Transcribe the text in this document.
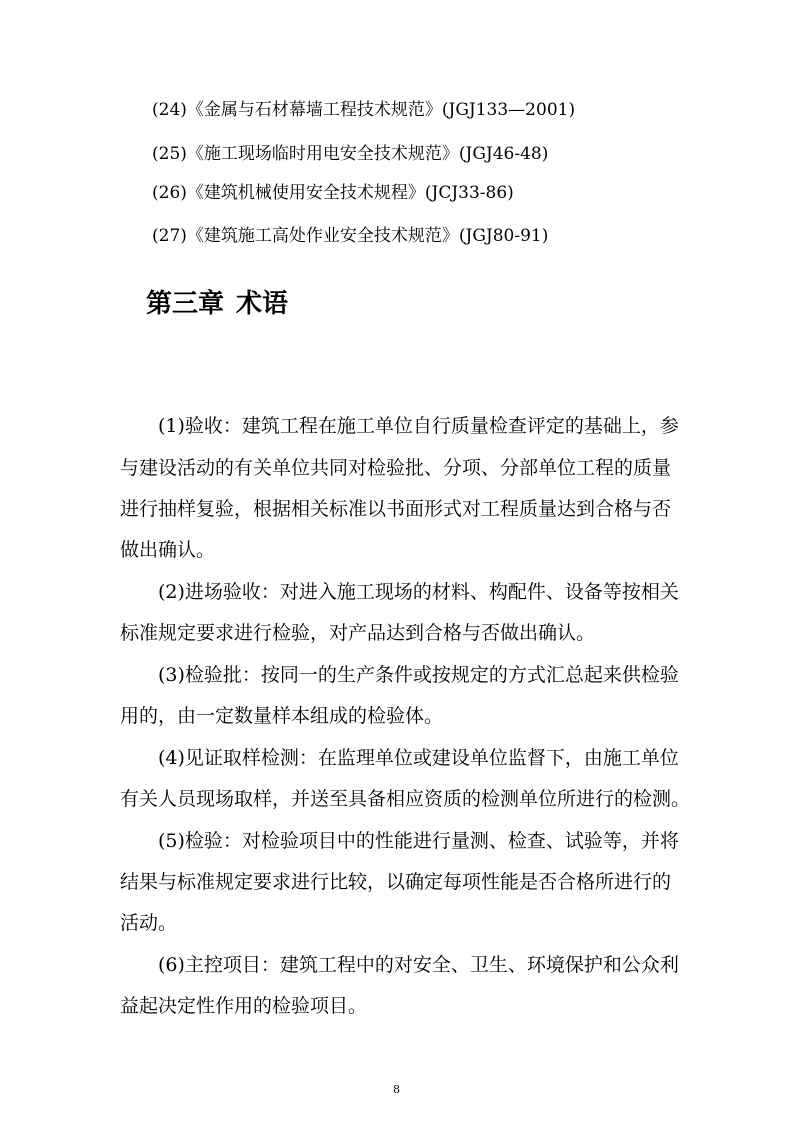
(24)《金属与石材幕墙工程技术规范》(JGJ133—2001)
(25)《施工现场临时用电安全技术规范》(JGJ46-48)
(26)《建筑机械使用安全技术规程》(JCJ33-86)
(27)《建筑施工高处作业安全技术规范》(JGJ80-91)
第三章 术语
(1)验收：建筑工程在施工单位自行质量检查评定的基础上，参
与建设活动的有关单位共同对检验批、分项、分部单位工程的质量
进行抽样复验，根据相关标准以书面形式对工程质量达到合格与否
做出确认。
(2)进场验收：对进入施工现场的材料、构配件、设备等按相关
标准规定要求进行检验，对产品达到合格与否做出确认。
(3)检验批：按同一的生产条件或按规定的方式汇总起来供检验
用的，由一定数量样本组成的检验体。
(4)见证取样检测：在监理单位或建设单位监督下，由施工单位
有关人员现场取样，并送至具备相应资质的检测单位所进行的检测。
(5)检验：对检验项目中的性能进行量测、检查、试验等，并将
结果与标准规定要求进行比较，以确定每项性能是否合格所进行的
活动。
(6)主控项目：建筑工程中的对安全、卫生、环境保护和公众利
益起决定性作用的检验项目。
8
